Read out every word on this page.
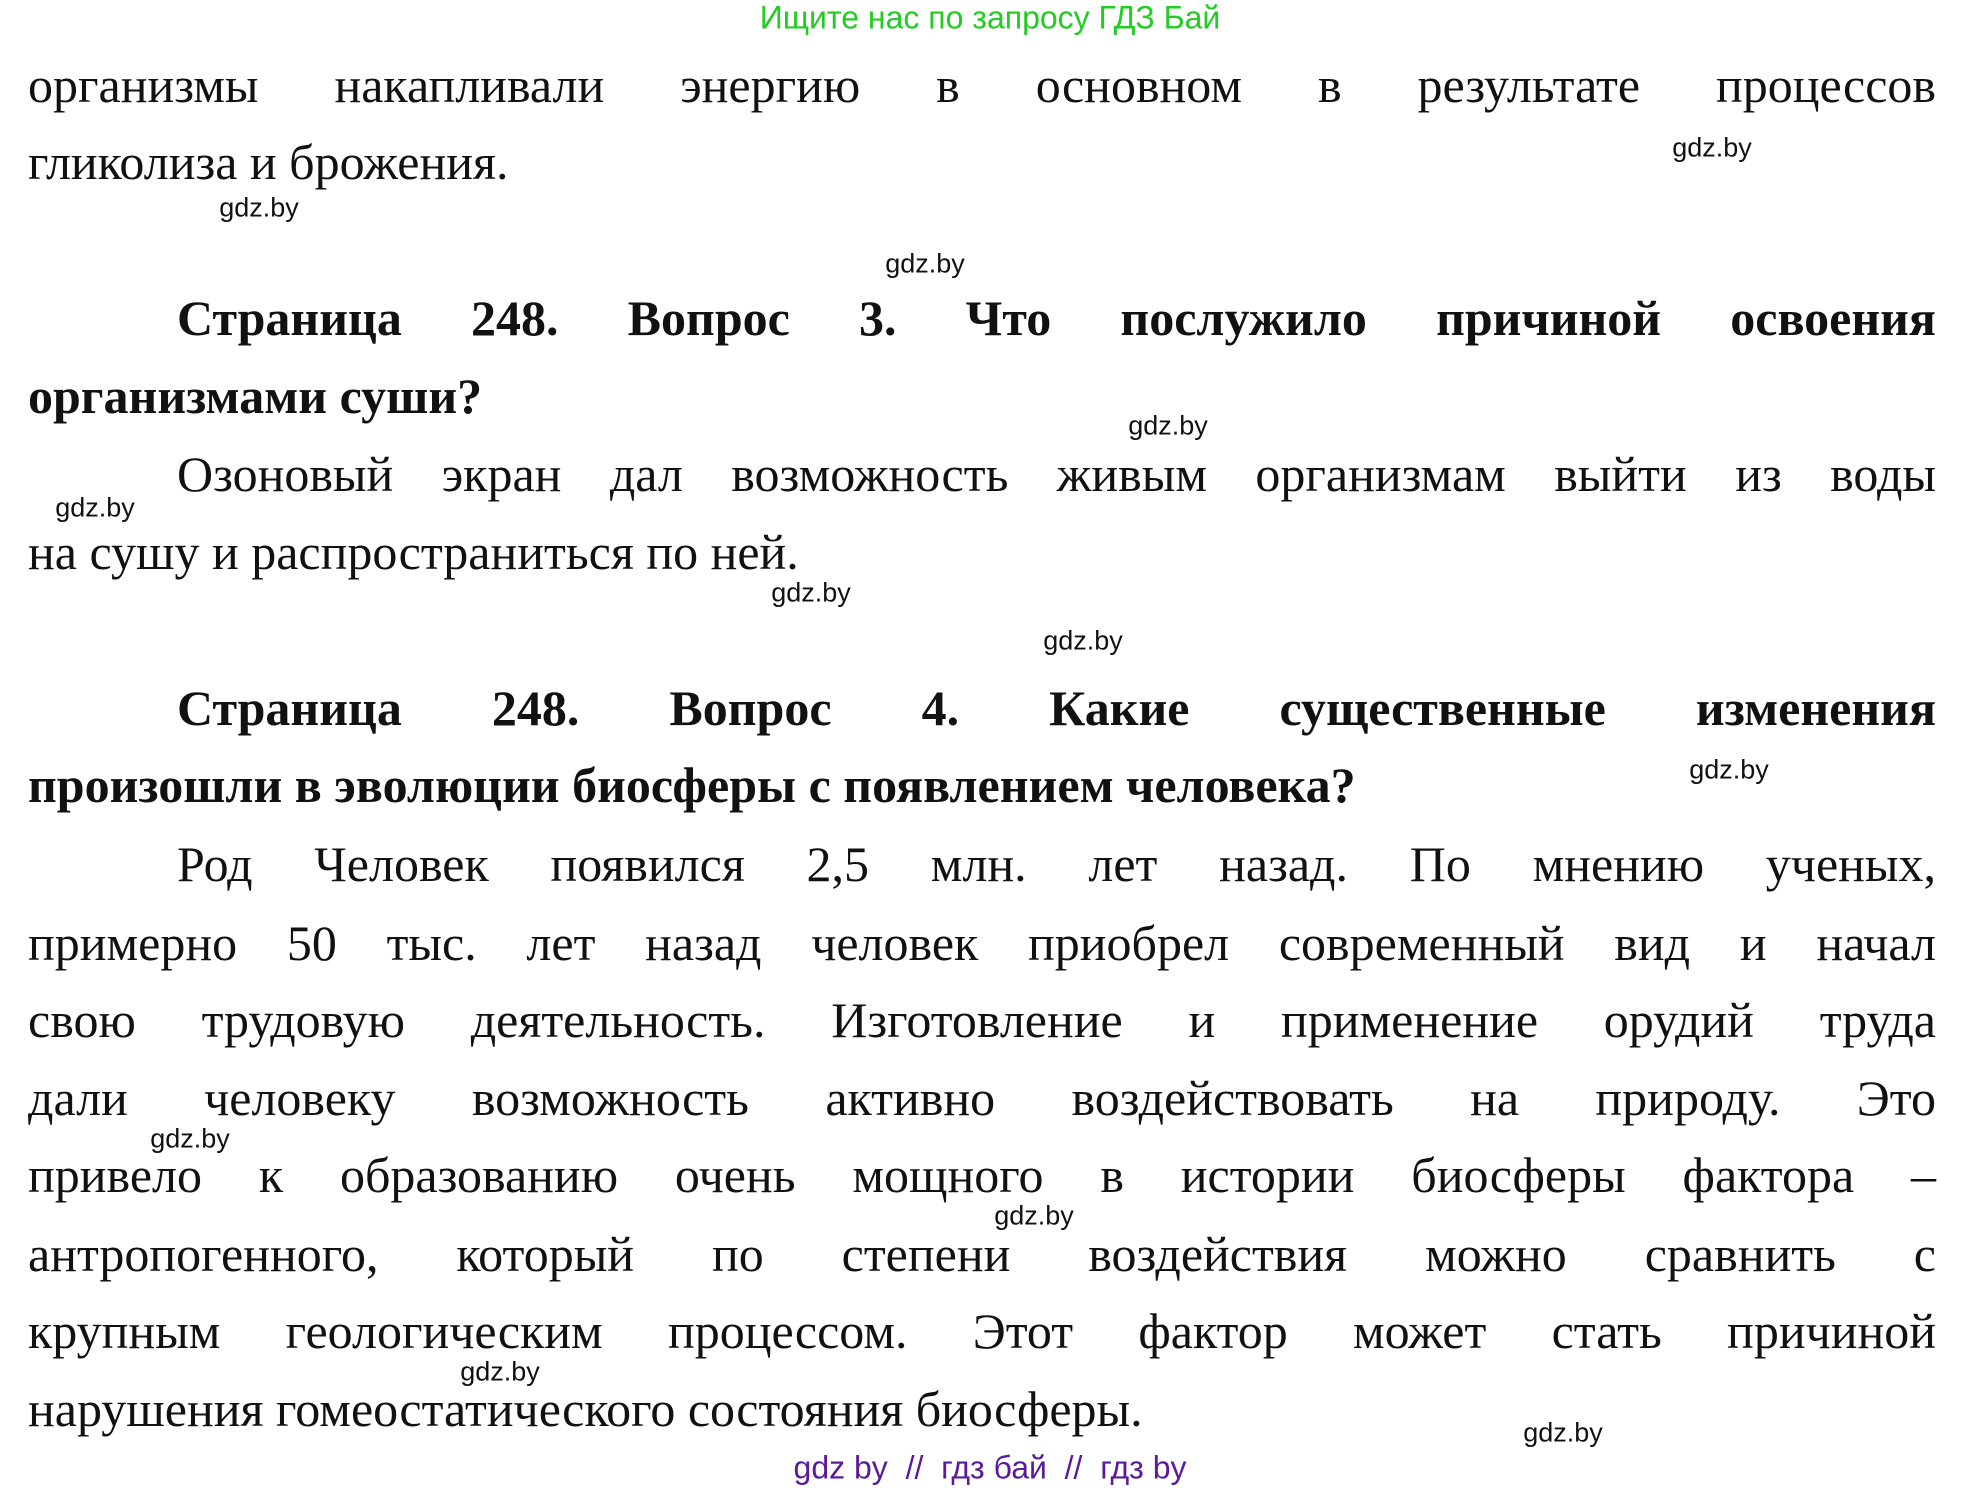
Ищите нас по запросу ГДЗ Бай
организмы накапливали энергию в основном в результате процессов
гликолиза и брожения.
Страница 248. Вопрос 3. Что послужило причиной освоения
организмами суши?
Озоновый экран дал возможность живым организмам выйти из воды
на сушу и распространиться по ней.
Страница 248. Вопрос 4. Какие существенные изменения
произошли в эволюции биосферы с появлением человека?
Род Человек появился 2,5 млн. лет назад. По мнению ученых,
примерно 50 тыс. лет назад человек приобрел современный вид и начал
свою трудовую деятельность. Изготовление и применение орудий труда
дали человеку возможность активно воздействовать на природу. Это
привело к образованию очень мощного в истории биосферы фактора –
антропогенного, который по степени воздействия можно сравнить с
крупным геологическим процессом. Этот фактор может стать причиной
нарушения гомеостатического состояния биосферы.
gdz.by
gdz.by
gdz.by
gdz.by
gdz.by
gdz.by
gdz.by
gdz.by
gdz.by
gdz.by
gdz.by
gdz.by
gdz by  //  гдз бай  //  гдз by
